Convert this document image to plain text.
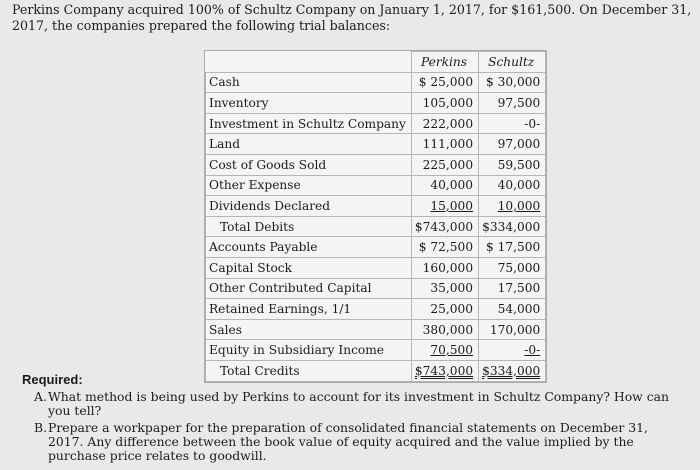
Perkins Company acquired 100% of Schultz Company on January 1, 2017, for $161,500. On December 31, 2017, the companies prepared the following trial balances:
	Perkins	Schultz
Cash	$ 25,000	$ 30,000
Inventory	105,000	97,500
Investment in Schultz Company	222,000	-0-
Land	111,000	97,000
Cost of Goods Sold	225,000	59,500
Other Expense	40,000	40,000
Dividends Declared	15,000	10,000
Total Debits	$743,000	$334,000
Accounts Payable	$ 72,500	$ 17,500
Capital Stock	160,000	75,000
Other Contributed Capital	35,000	17,500
Retained Earnings, 1/1	25,000	54,000
Sales	380,000	170,000
Equity in Subsidiary Income	70,500	-0-
Total Credits	$743,000	$334,000
Required:
A. What method is being used by Perkins to account for its investment in Schultz Company? How can you tell?
B. Prepare a workpaper for the preparation of consolidated financial statements on December 31, 2017. Any difference between the book value of equity acquired and the value implied by the purchase price relates to goodwill.
